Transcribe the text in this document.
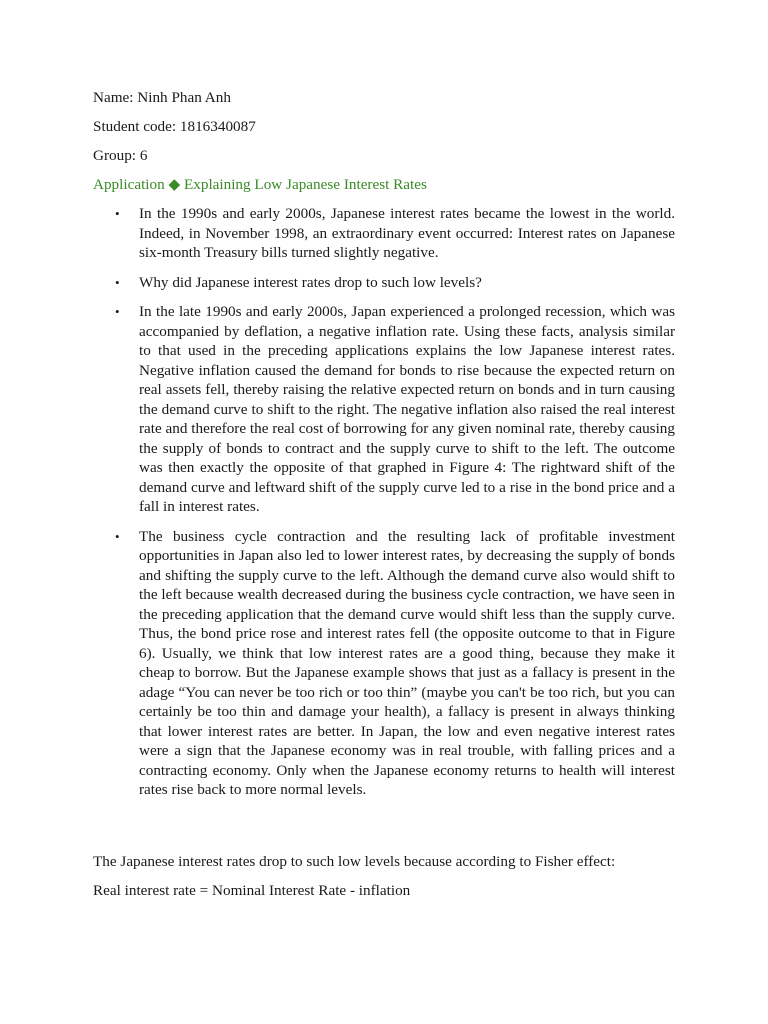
Name: Ninh Phan Anh
Student code: 1816340087
Group: 6
Application ◆ Explaining Low Japanese Interest Rates
• In the 1990s and early 2000s, Japanese interest rates became the lowest in the world. Indeed, in November 1998, an extraordinary event occurred: Interest rates on Japanese six-month Treasury bills turned slightly negative.
• Why did Japanese interest rates drop to such low levels?
• In the late 1990s and early 2000s, Japan experienced a prolonged recession, which was accompanied by deflation, a negative inflation rate. Using these facts, analysis similar to that used in the preceding applications explains the low Japanese interest rates. Negative inflation caused the demand for bonds to rise because the expected return on real assets fell, thereby raising the relative expected return on bonds and in turn causing the demand curve to shift to the right. The negative inflation also raised the real interest rate and therefore the real cost of borrowing for any given nominal rate, thereby causing the supply of bonds to contract and the supply curve to shift to the left. The outcome was then exactly the opposite of that graphed in Figure 4: The rightward shift of the demand curve and leftward shift of the supply curve led to a rise in the bond price and a fall in interest rates.
• The business cycle contraction and the resulting lack of profitable investment opportunities in Japan also led to lower interest rates, by decreasing the supply of bonds and shifting the supply curve to the left. Although the demand curve also would shift to the left because wealth decreased during the business cycle contraction, we have seen in the preceding application that the demand curve would shift less than the supply curve. Thus, the bond price rose and interest rates fell (the opposite outcome to that in Figure 6). Usually, we think that low interest rates are a good thing, because they make it cheap to borrow. But the Japanese example shows that just as a fallacy is present in the adage “You can never be too rich or too thin” (maybe you can't be too rich, but you can certainly be too thin and damage your health), a fallacy is present in always thinking that lower interest rates are better. In Japan, the low and even negative interest rates were a sign that the Japanese economy was in real trouble, with falling prices and a contracting economy. Only when the Japanese economy returns to health will interest rates rise back to more normal levels.
The Japanese interest rates drop to such low levels because according to Fisher effect:
Real interest rate = Nominal Interest Rate - inflation
